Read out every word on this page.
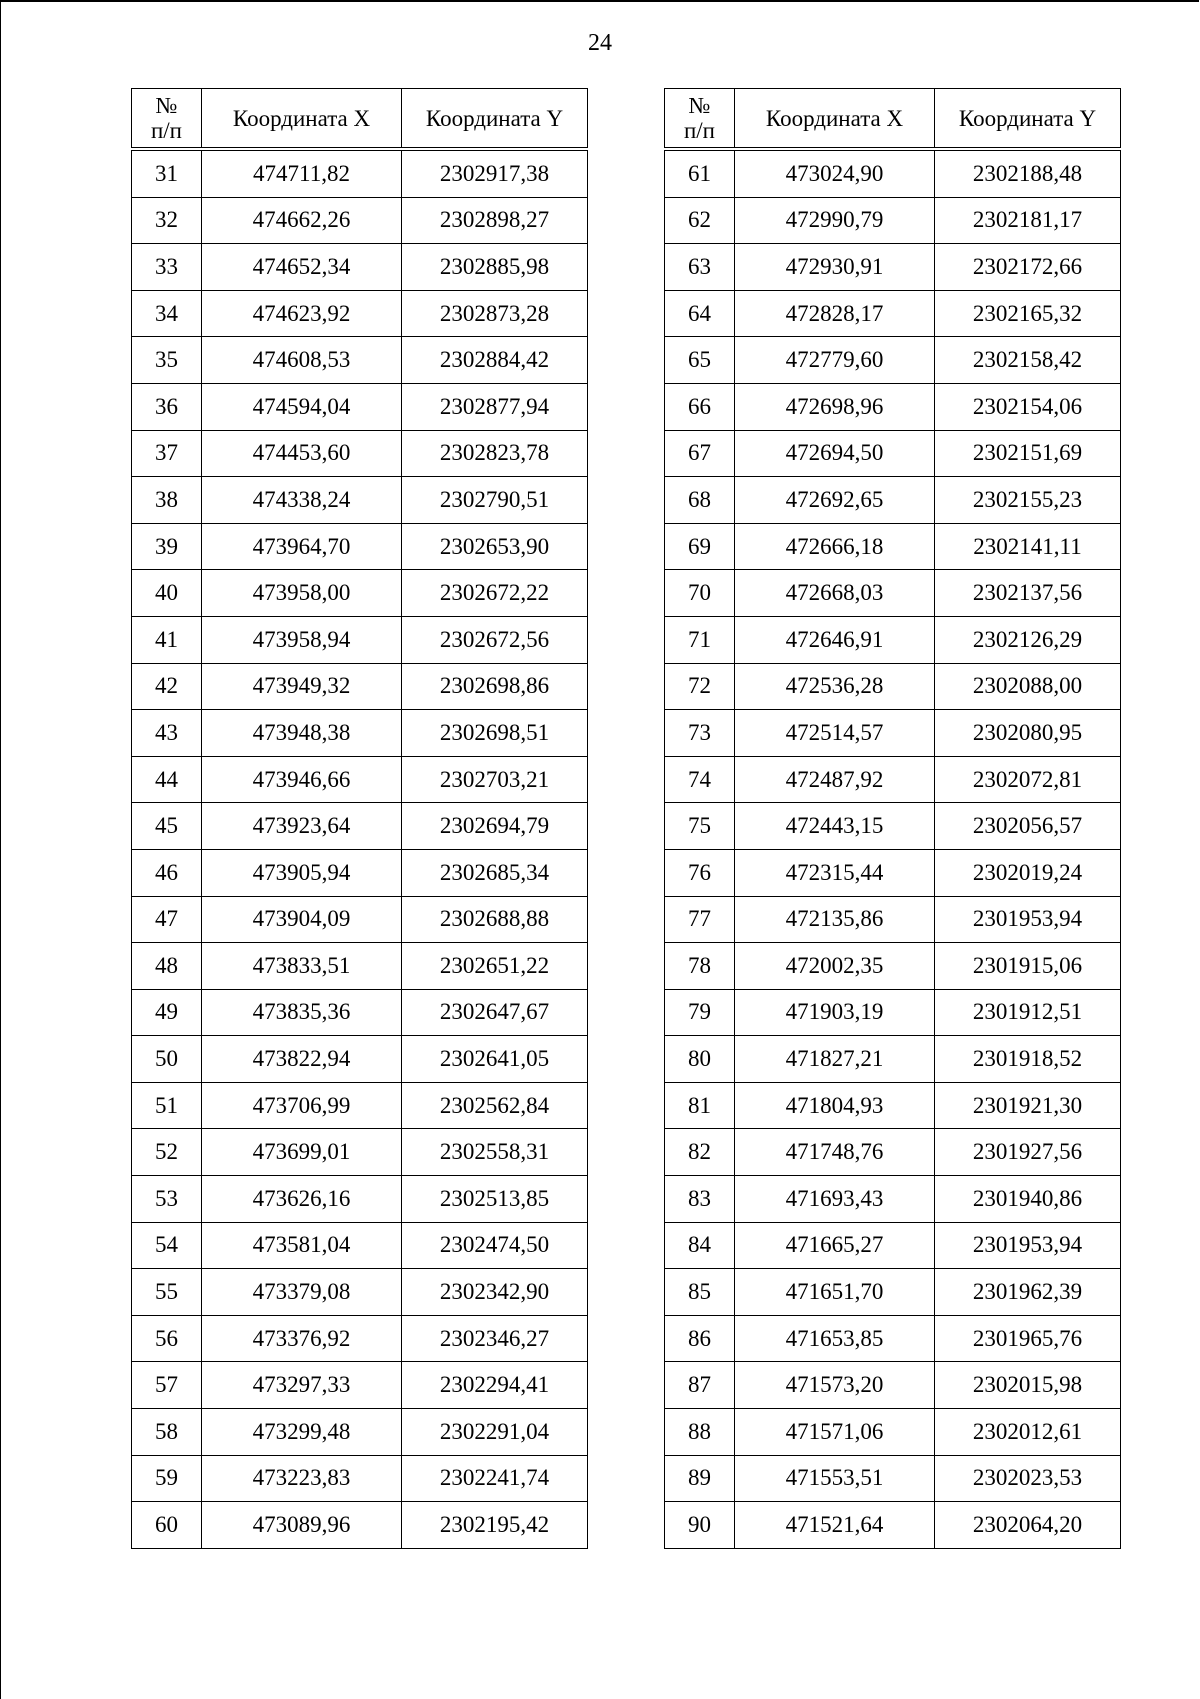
24
№
п/п	Координата X	Координата Y
31	474711,82	2302917,38
32	474662,26	2302898,27
33	474652,34	2302885,98
34	474623,92	2302873,28
35	474608,53	2302884,42
36	474594,04	2302877,94
37	474453,60	2302823,78
38	474338,24	2302790,51
39	473964,70	2302653,90
40	473958,00	2302672,22
41	473958,94	2302672,56
42	473949,32	2302698,86
43	473948,38	2302698,51
44	473946,66	2302703,21
45	473923,64	2302694,79
46	473905,94	2302685,34
47	473904,09	2302688,88
48	473833,51	2302651,22
49	473835,36	2302647,67
50	473822,94	2302641,05
51	473706,99	2302562,84
52	473699,01	2302558,31
53	473626,16	2302513,85
54	473581,04	2302474,50
55	473379,08	2302342,90
56	473376,92	2302346,27
57	473297,33	2302294,41
58	473299,48	2302291,04
59	473223,83	2302241,74
60	473089,96	2302195,42
№
п/п	Координата X	Координата Y
61	473024,90	2302188,48
62	472990,79	2302181,17
63	472930,91	2302172,66
64	472828,17	2302165,32
65	472779,60	2302158,42
66	472698,96	2302154,06
67	472694,50	2302151,69
68	472692,65	2302155,23
69	472666,18	2302141,11
70	472668,03	2302137,56
71	472646,91	2302126,29
72	472536,28	2302088,00
73	472514,57	2302080,95
74	472487,92	2302072,81
75	472443,15	2302056,57
76	472315,44	2302019,24
77	472135,86	2301953,94
78	472002,35	2301915,06
79	471903,19	2301912,51
80	471827,21	2301918,52
81	471804,93	2301921,30
82	471748,76	2301927,56
83	471693,43	2301940,86
84	471665,27	2301953,94
85	471651,70	2301962,39
86	471653,85	2301965,76
87	471573,20	2302015,98
88	471571,06	2302012,61
89	471553,51	2302023,53
90	471521,64	2302064,20
